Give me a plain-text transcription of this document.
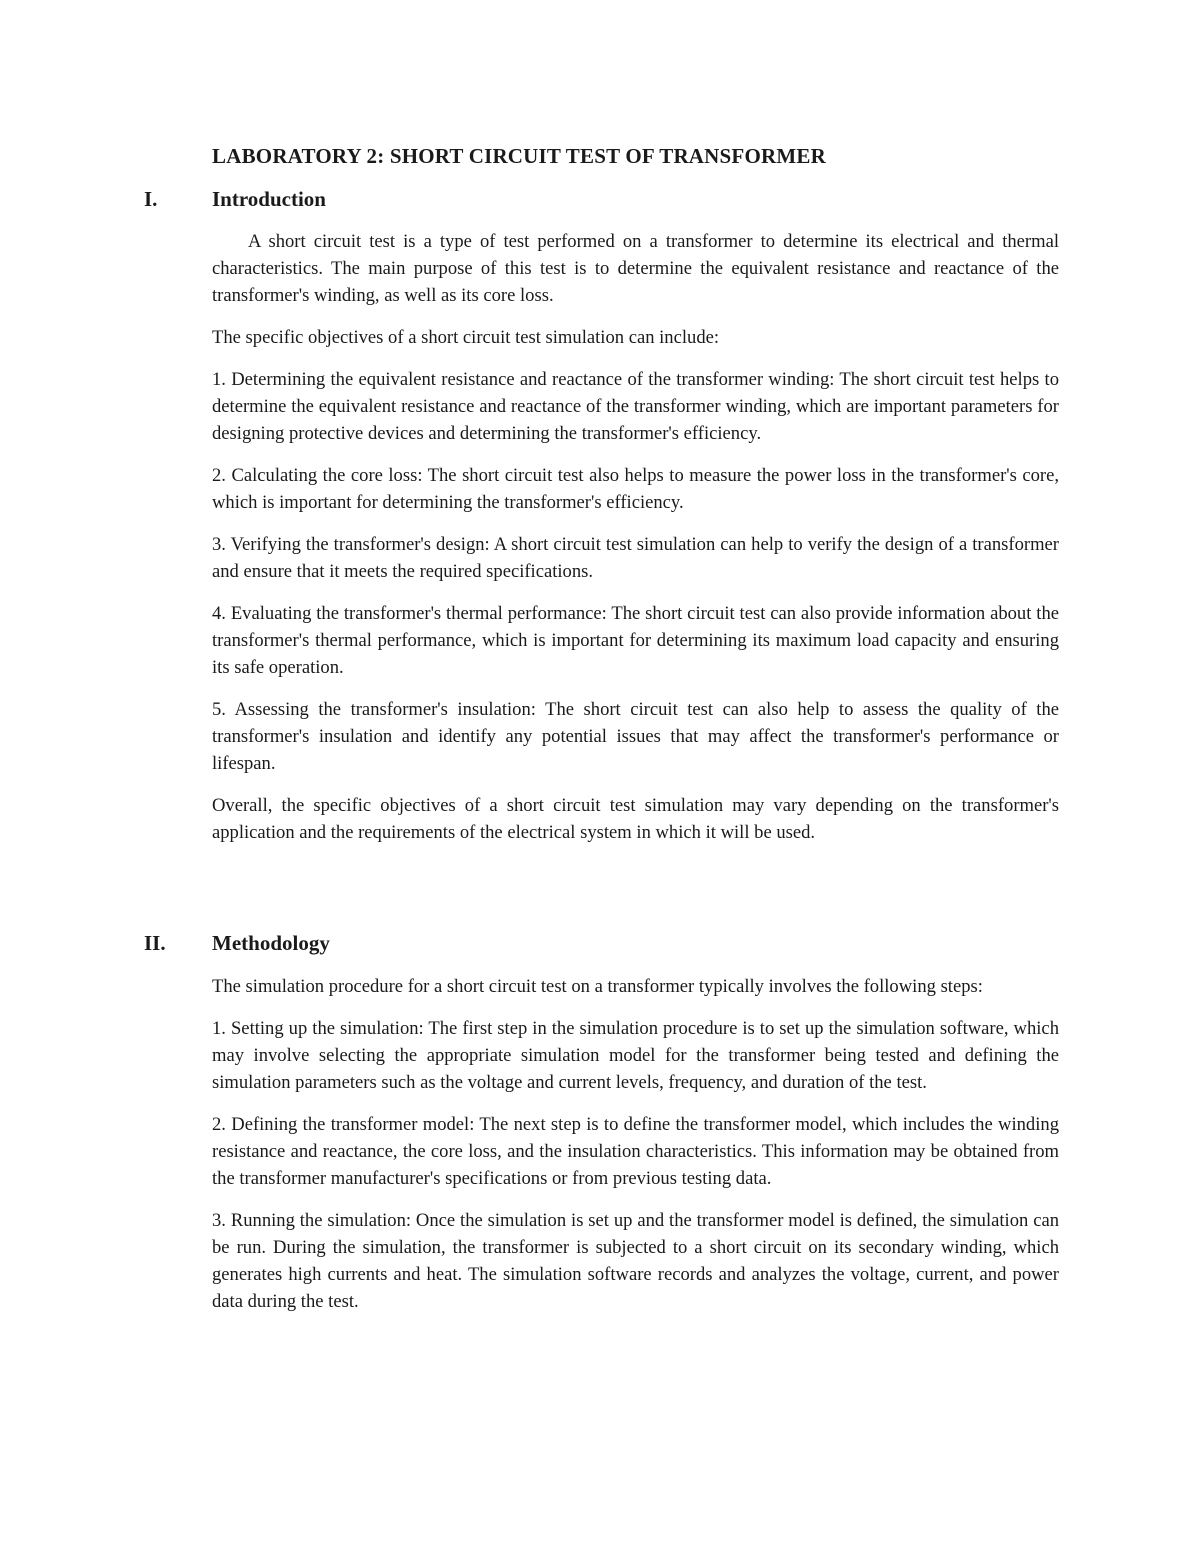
LABORATORY 2: SHORT CIRCUIT TEST OF TRANSFORMER
I.	Introduction

A short circuit test is a type of test performed on a transformer to determine its electrical and thermal characteristics. The main purpose of this test is to determine the equivalent resistance and reactance of the transformer's winding, as well as its core loss.

The specific objectives of a short circuit test simulation can include:

1. Determining the equivalent resistance and reactance of the transformer winding: The short circuit test helps to determine the equivalent resistance and reactance of the transformer winding, which are important parameters for designing protective devices and determining the transformer's efficiency.

2. Calculating the core loss: The short circuit test also helps to measure the power loss in the transformer's core, which is important for determining the transformer's efficiency.

3. Verifying the transformer's design: A short circuit test simulation can help to verify the design of a transformer and ensure that it meets the required specifications.

4. Evaluating the transformer's thermal performance: The short circuit test can also provide information about the transformer's thermal performance, which is important for determining its maximum load capacity and ensuring its safe operation.

5. Assessing the transformer's insulation: The short circuit test can also help to assess the quality of the transformer's insulation and identify any potential issues that may affect the transformer's performance or lifespan.

Overall, the specific objectives of a short circuit test simulation may vary depending on the transformer's application and the requirements of the electrical system in which it will be used.

II. Methodology

The simulation procedure for a short circuit test on a transformer typically involves the following steps:

1. Setting up the simulation: The first step in the simulation procedure is to set up the simulation software, which may involve selecting the appropriate simulation model for the transformer being tested and defining the simulation parameters such as the voltage and current levels, frequency, and duration of the test.

2. Defining the transformer model: The next step is to define the transformer model, which includes the winding resistance and reactance, the core loss, and the insulation characteristics. This information may be obtained from the transformer manufacturer's specifications or from previous testing data.

3. Running the simulation: Once the simulation is set up and the transformer model is defined, the simulation can be run. During the simulation, the transformer is subjected to a short circuit on its secondary winding, which generates high currents and heat. The simulation software records and analyzes the voltage, current, and power data during the test.
